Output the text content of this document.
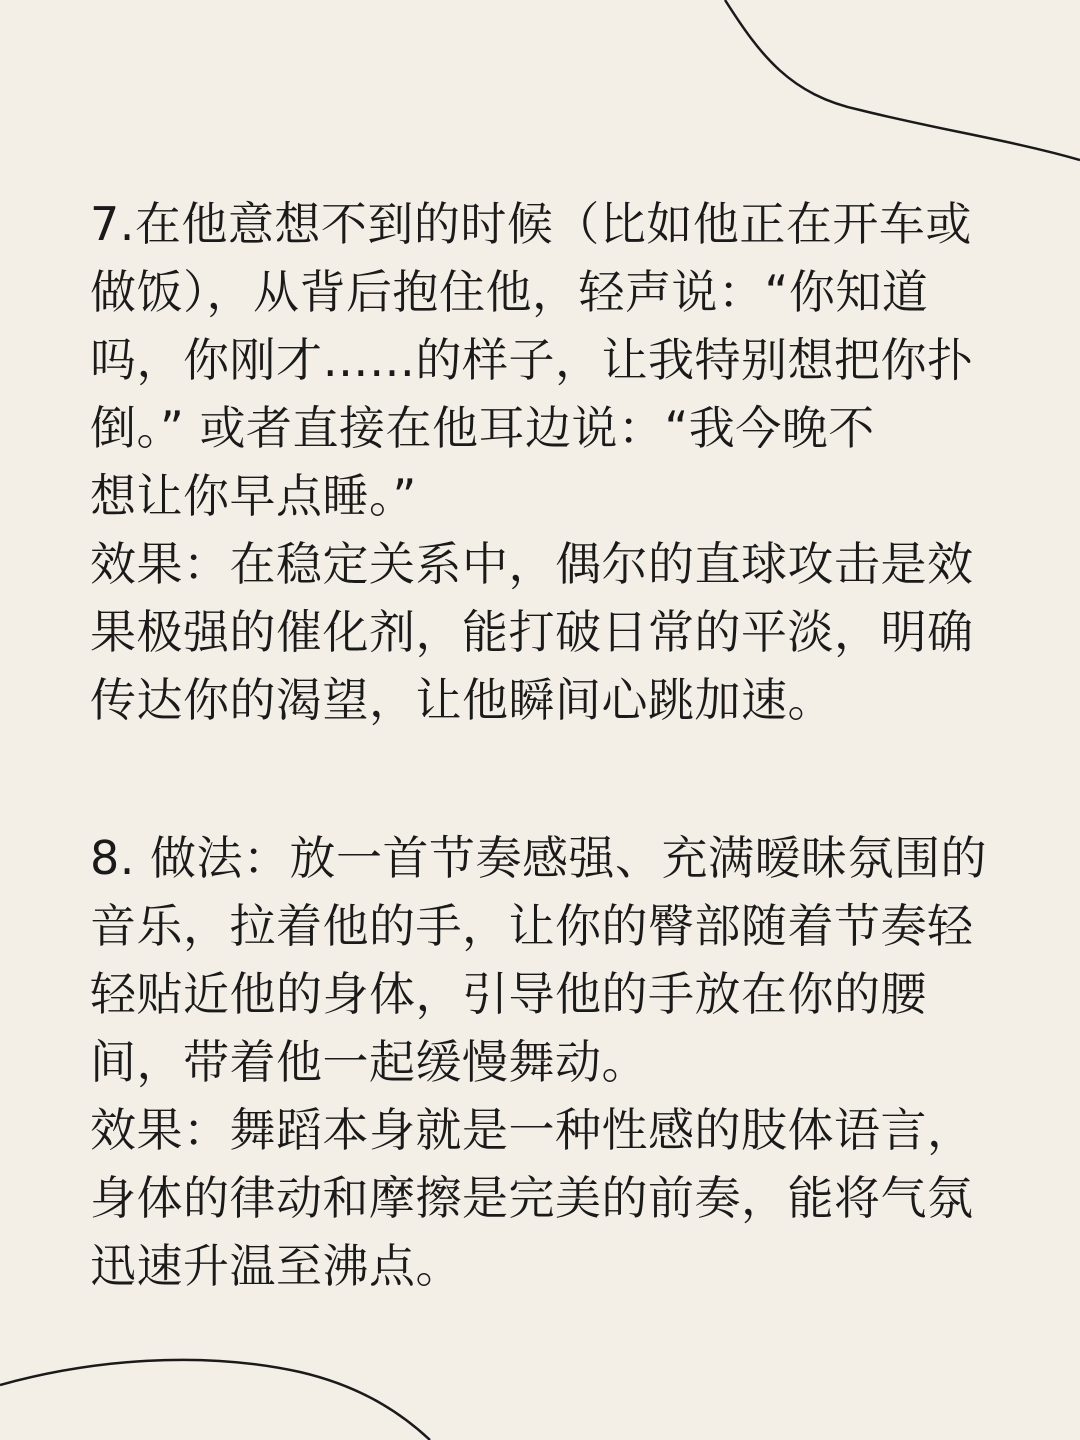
7.在他意想不到的时候（比如他正在开车或
做饭），从背后抱住他，轻声说：“你知道
吗，你刚才……的样子，让我特别想把你扑
倒。” 或者直接在他耳边说：“我今晚不
想让你早点睡。”
效果：在稳定关系中，偶尔的直球攻击是效
果极强的催化剂，能打破日常的平淡，明确
传达你的渴望，让他瞬间心跳加速。
8. 做法：放一首节奏感强、充满暧昧氛围的
音乐，拉着他的手，让你的臀部随着节奏轻
轻贴近他的身体，引导他的手放在你的腰
间，带着他一起缓慢舞动。
效果：舞蹈本身就是一种性感的肢体语言，
身体的律动和摩擦是完美的前奏，能将气氛
迅速升温至沸点。
